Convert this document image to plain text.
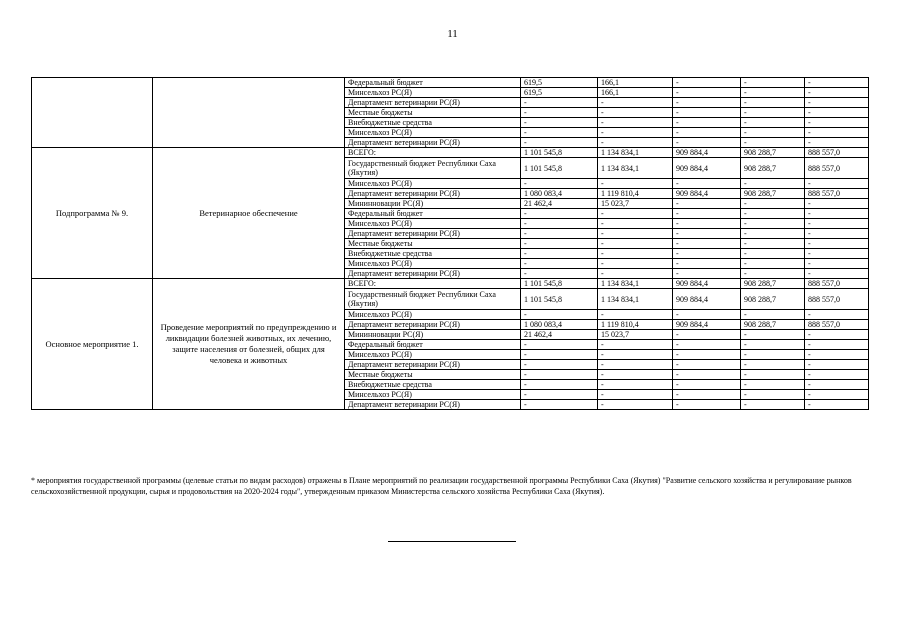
11
		Федеральный бюджет	619,5	166,1	-	-	-
		Минсельхоз РС(Я)	619,5	166,1	-	-	-
		Департамент ветеринарии РС(Я)	-	-	-	-	-
		Местные бюджеты	-	-	-	-	-
		Внебюджетные средства	-	-	-	-	-
		Минсельхоз РС(Я)	-	-	-	-	-
		Департамент ветеринарии РС(Я)	-	-	-	-	-
Подпрограмма № 9.	Ветеринарное обеспечение	ВСЕГО:	1 101 545,8	1 134 834,1	909 884,4	908 288,7	888 557,0
		Государственный бюджет Республики Саха (Якутия)	1 101 545,8	1 134 834,1	909 884,4	908 288,7	888 557,0
		Минсельхоз РС(Я)	-	-	-	-	-
		Департамент ветеринарии РС(Я)	1 080 083,4	1 119 810,4	909 884,4	908 288,7	888 557,0
		Мининновации РС(Я)	21 462,4	15 023,7	-	-	-
		Федеральный бюджет	-	-	-	-	-
		Минсельхоз РС(Я)	-	-	-	-	-
		Департамент ветеринарии РС(Я)	-	-	-	-	-
		Местные бюджеты	-	-	-	-	-
		Внебюджетные средства	-	-	-	-	-
		Минсельхоз РС(Я)	-	-	-	-	-
		Департамент ветеринарии РС(Я)	-	-	-	-	-
Основное мероприятие 1.	Проведение мероприятий по предупреждению и ликвидации болезней животных, их лечению, защите населения от болезней, общих для человека и животных	ВСЕГО:	1 101 545,8	1 134 834,1	909 884,4	908 288,7	888 557,0
		Государственный бюджет Республики Саха (Якутия)	1 101 545,8	1 134 834,1	909 884,4	908 288,7	888 557,0
		Минсельхоз РС(Я)	-	-	-	-	-
		Департамент ветеринарии РС(Я)	1 080 083,4	1 119 810,4	909 884,4	908 288,7	888 557,0
		Мининновации РС(Я)	21 462,4	15 023,7	-	-	-
		Федеральный бюджет	-	-	-	-	-
		Минсельхоз РС(Я)	-	-	-	-	-
		Департамент ветеринарии РС(Я)	-	-	-	-	-
		Местные бюджеты	-	-	-	-	-
		Внебюджетные средства	-	-	-	-	-
		Минсельхоз РС(Я)	-	-	-	-	-
		Департамент ветеринарии РС(Я)	-	-	-	-	-
* мероприятия государственной программы (целевые статьи по видам расходов) отражены в Плане мероприятий по реализации государственной программы Республики Саха (Якутия) "Развитие сельского хозяйства и регулирование рынков сельскохозяйственной продукции, сырья и продовольствия на 2020-2024 годы", утвержденным приказом Министерства сельского хозяйства Республики Саха (Якутия).
